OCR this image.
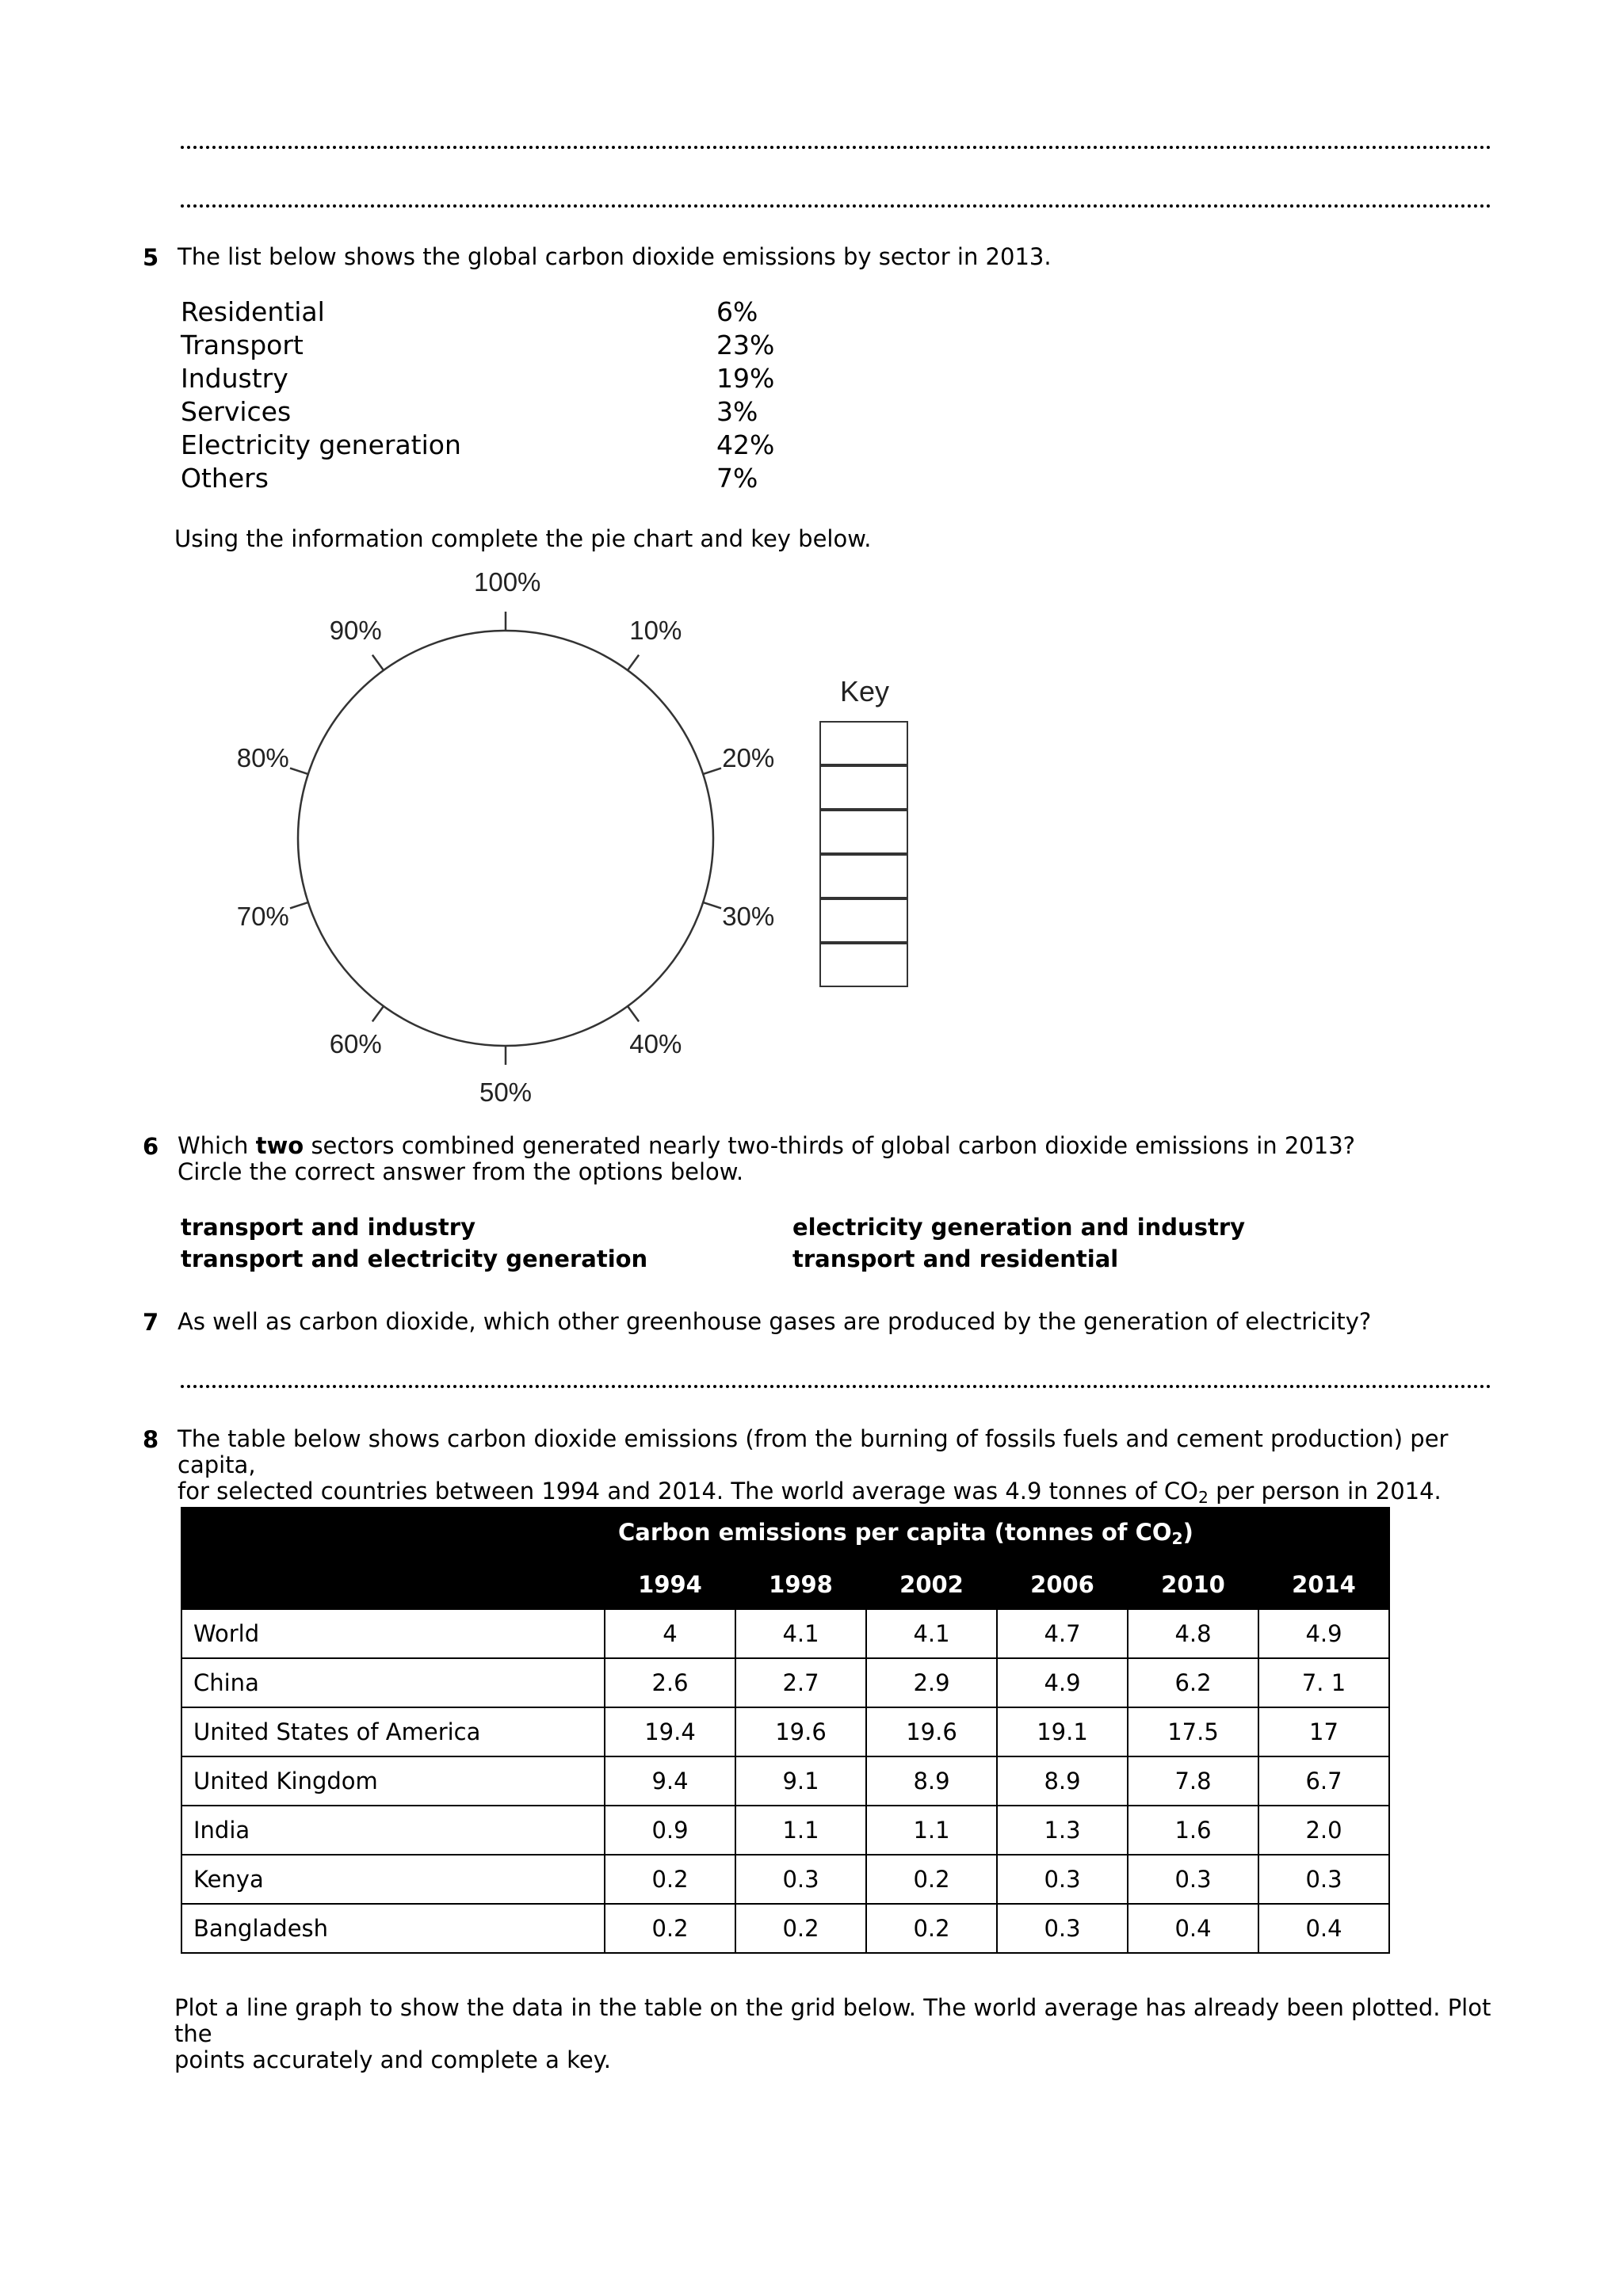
5 The list below shows the global carbon dioxide emissions by sector in 2013.
Residential	6%
Transport	23%
Industry	19%
Services	3%
Electricity generation	42%
Others	7%
Using the information complete the pie chart and key below.
100%
10%
20%
30%
40%
50%
60%
70%
80%
90%
Key
6 Which two sectors combined generated nearly two-thirds of global carbon dioxide emissions in 2013?
Circle the correct answer from the options below.
transport and industry	electricity generation and industry
transport and electricity generation	transport and residential
7 As well as carbon dioxide, which other greenhouse gases are produced by the generation of electricity?
8 The table below shows carbon dioxide emissions (from the burning of fossils fuels and cement production) per capita,
for selected countries between 1994 and 2014. The world average was 4.9 tonnes of $CO_2$ per person in 2014.
	Carbon emissions per capita (tonnes of $CO_2$)					
	1994	1998	2002	2006	2010	2014
World	4	4.1	4.1	4.7	4.8	4.9
China	2.6	2.7	2.9	4.9	6.2	7. 1
United States of America	19.4	19.6	19.6	19.1	17.5	17
United Kingdom	9.4	9.1	8.9	8.9	7.8	6.7
India	0.9	1.1	1.1	1.3	1.6	2.0
Kenya	0.2	0.3	0.2	0.3	0.3	0.3
Bangladesh	0.2	0.2	0.2	0.3	0.4	0.4
Plot a line graph to show the data in the table on the grid below. The world average has already been plotted. Plot the
points accurately and complete a key.
